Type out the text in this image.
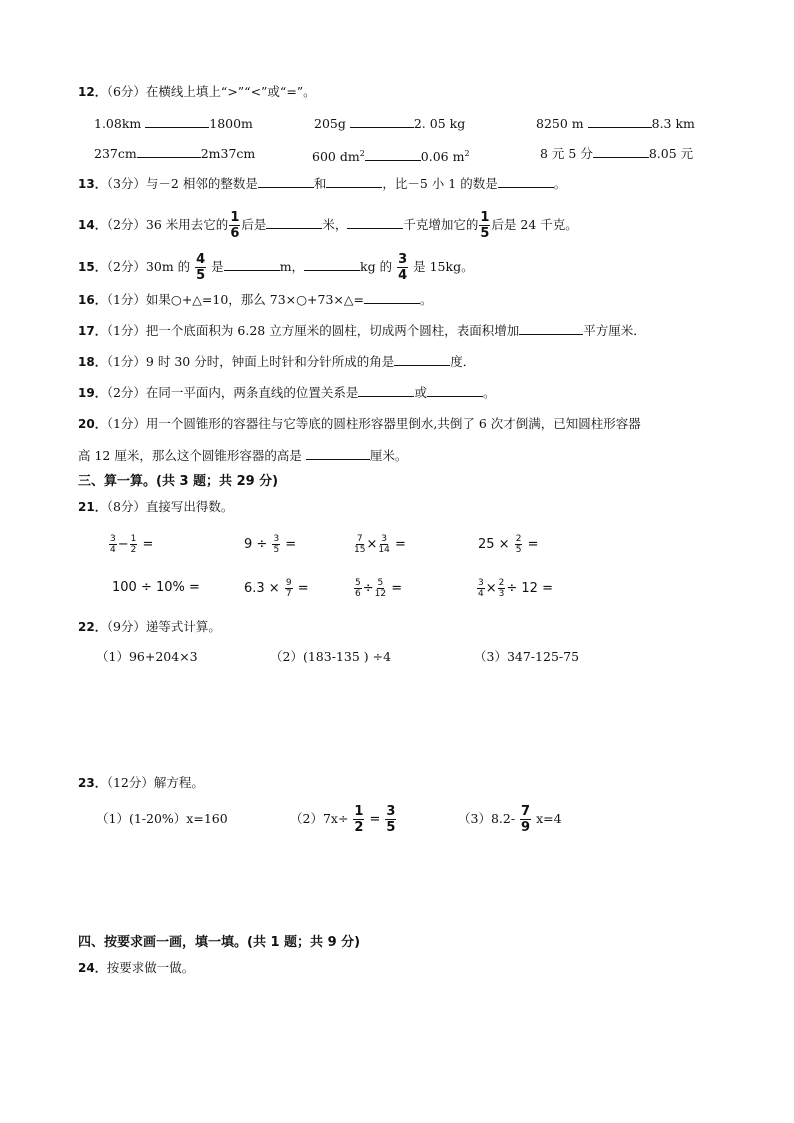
12．（6分）在横线上填上“>”“<”或“=”。
1.08km	1800m	205g	2. 05 kg	8250 m	8.3 km
237cm	2m37cm	600 $dm^2$	0.06 $m^2$	8 元 5 分	8.05 元
13．（3分）与－2 相邻的整数是	和	，比－5 小 1 的数是	。
14．（2分）36 米用去它的 $\frac{1}{6}$ 后是	米，	千克增加它的 $\frac{1}{5}$ 后是 24 千克。
15．（2分）30m 的 $\frac{4}{5}$ 是	m，	kg 的 $\frac{3}{4}$ 是 15kg。
16．（1分）如果○+△=10，那么 73×○+73×△=	。
17．（1分）把一个底面积为 6.28 立方厘米的圆柱，切成两个圆柱，表面积增加	平方厘米．
18．（1分）9 时 30 分时，钟面上时针和分针所成的角是	度．
19．（2分）在同一平面内，两条直线的位置关系是	或	。
20．（1分）用一个圆锥形的容器往与它等底的圆柱形容器里倒水,共倒了 6 次才倒满，已知圆柱形容器
高 12 厘米，那么这个圆锥形容器的高是	厘米。
三、算一算。(共 3 题；共 29 分)
21．（8分）直接写出得数。
$\frac{3}{4} - \frac{1}{2}$ =	$9 \div \frac{3}{5}$ =	$\frac{7}{15} \times \frac{3}{14}$ =	$25 \times \frac{2}{5}$ =
100 ÷ 10% =	$6.3 \times \frac{9}{7}$ =	$\frac{5}{6} \div \frac{5}{12}$ =	$\frac{3}{4} \times \frac{2}{3} \div 12$ =
22．（9分）递等式计算。
（1）96+204×3	（2）(183-135 ) ÷4	（3）347-125-75
23．（12分）解方程。
（1）(1-20%）x=160	$(2)7x\div \frac{1}{2} = \frac{3}{5}$	$(3)8.2- \frac{7}{9} x=4$
四、按要求画一画，填一填。(共 1 题；共 9 分)
24．按要求做一做。
